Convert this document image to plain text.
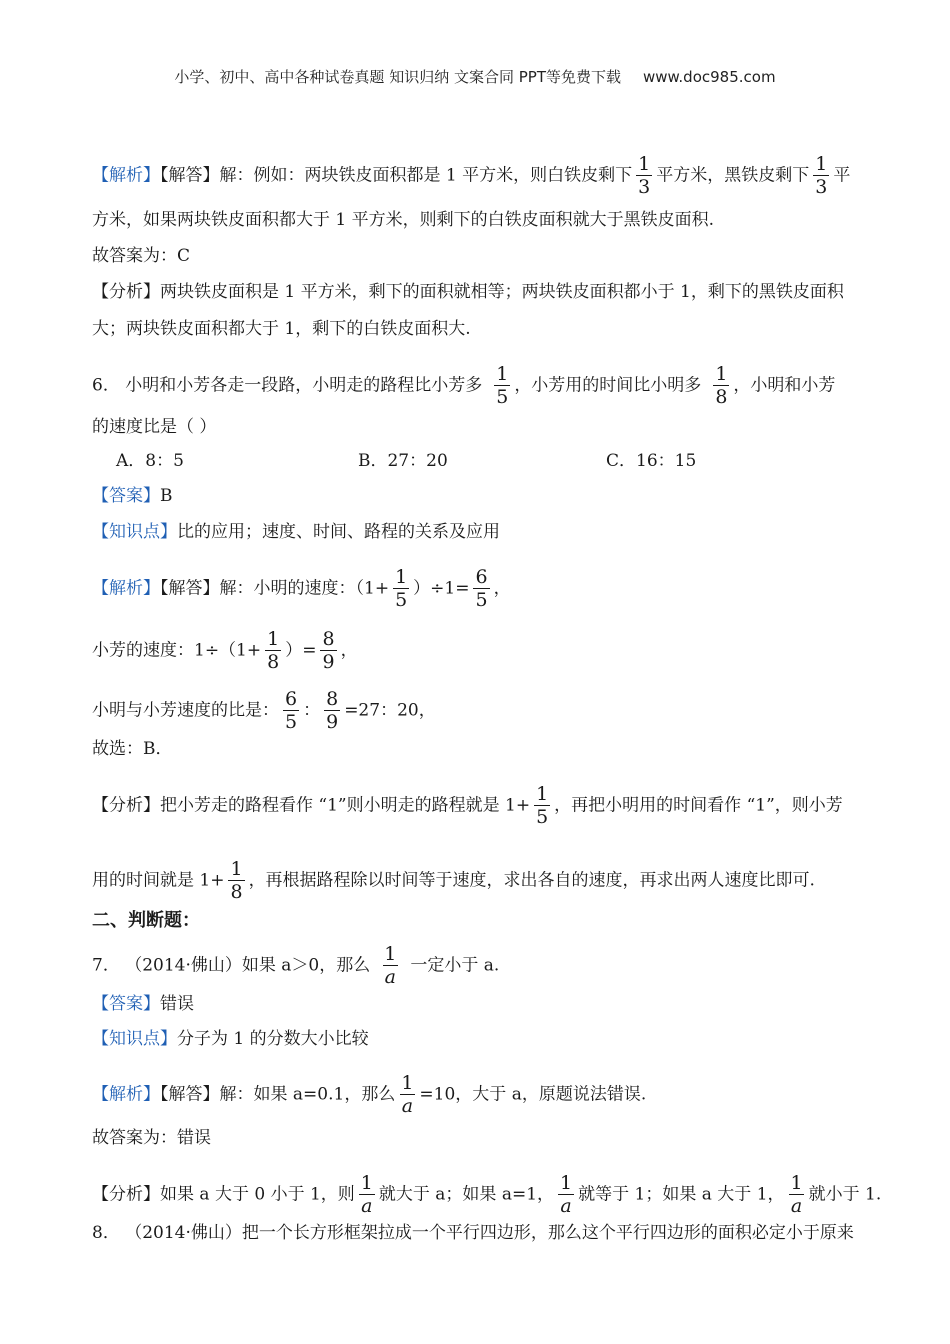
小学、初中、高中各种试卷真题 知识归纳 文案合同 PPT等免费下载 www.doc985.com
【解析】【解答】解：例如：两块铁皮面积都是 1 平方米，则白铁皮剩下 $\frac{1}{3}$ 平方米，黑铁皮剩下 $\frac{1}{3}$ 平
方米，如果两块铁皮面积都大于 1 平方米，则剩下的白铁皮面积就大于黑铁皮面积.
故答案为：C
【分析】两块铁皮面积是 1 平方米，剩下的面积就相等；两块铁皮面积都小于 1，剩下的黑铁皮面积
大；两块铁皮面积都大于 1，剩下的白铁皮面积大.
6． 小明和小芳各走一段路，小明走的路程比小芳多 $\frac{1}{5}$ ，小芳用的时间比小明多 $\frac{1}{8}$ ，小明和小芳
的速度比是（ ）
A．8：5	B．27：20	C．16：15
【答案】B
【知识点】比的应用；速度、时间、路程的关系及应用
【解析】【解答】解：小明的速度：$(1+ \frac{1}{5} )\div 1= \frac{6}{5}$ ，
小芳的速度：$1\div(1+ \frac{1}{8}$ ）= $\frac{8}{9}$ ，
小明与小芳速度的比是： $\frac{6}{5}$ ： $\frac{8}{9} =27$：20，
故选：B．
【分析】把小芳走的路程看作 “1”则小明走的路程就是 $1+ \frac{1}{5}$ ，再把小明用的时间看作 “1”，则小芳
用的时间就是 $1+ \frac{1}{8}$ ，再根据路程除以时间等于速度，求出各自的速度，再求出两人速度比即可.
二、判断题：
7． （2014·佛山）如果 a＞0，那么 $\frac{1}{a}$ 一定小于 a.
【答案】错误
【知识点】分子为 1 的分数大小比较
【解析】【解答】解：如果 a=0.1，那么 $\frac{1}{a} =10$，大于 a，原题说法错误.
故答案为：错误
【分析】如果 a 大于 0 小于 1，则 $\frac{1}{a}$ 就大于 a；如果 a=1， $\frac{1}{a}$ 就等于 1；如果 a 大于 1， $\frac{1}{a}$ 就小于 1.
8． （2014·佛山）把一个长方形框架拉成一个平行四边形，那么这个平行四边形的面积必定小于原来
